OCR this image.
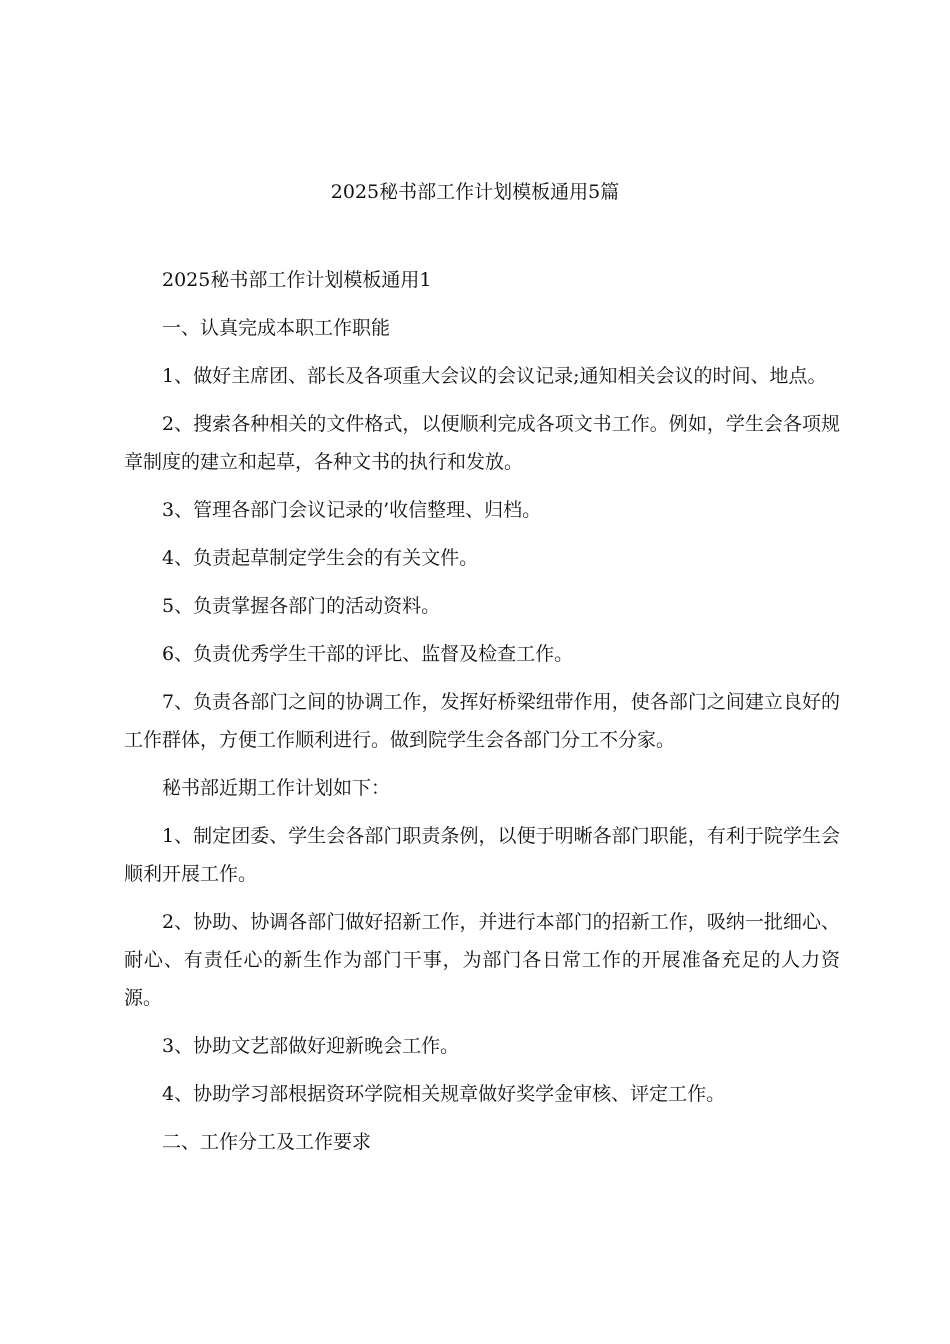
2025秘书部工作计划模板通用5篇

2025秘书部工作计划模板通用1

一、认真完成本职工作职能

1、做好主席团、部长及各项重大会议的会议记录;通知相关会议的时间、地点。

2、搜索各种相关的文件格式，以便顺利完成各项文书工作。例如，学生会各项规章制度的建立和起草，各种文书的执行和发放。

3、管理各部门会议记录的’收信整理、归档。

4、负责起草制定学生会的有关文件。

5、负责掌握各部门的活动资料。

6、负责优秀学生干部的评比、监督及检查工作。

7、负责各部门之间的协调工作，发挥好桥梁纽带作用，使各部门之间建立良好的工作群体，方便工作顺利进行。做到院学生会各部门分工不分家。

秘书部近期工作计划如下：

1、制定团委、学生会各部门职责条例，以便于明晰各部门职能，有利于院学生会顺利开展工作。

2、协助、协调各部门做好招新工作，并进行本部门的招新工作，吸纳一批细心、耐心、有责任心的新生作为部门干事，为部门各日常工作的开展准备充足的人力资源。

3、协助文艺部做好迎新晚会工作。

4、协助学习部根据资环学院相关规章做好奖学金审核、评定工作。

二、工作分工及工作要求
